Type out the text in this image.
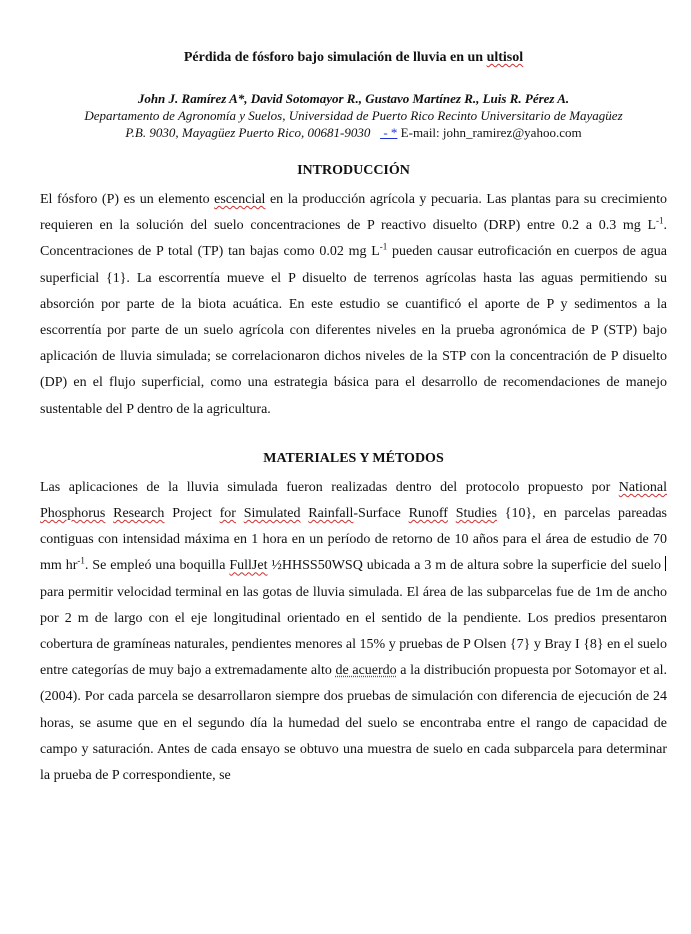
Pérdida de fósforo bajo simulación de lluvia en un ultisol
John J. Ramírez A*, David Sotomayor R., Gustavo Martínez R., Luis R. Pérez A.
Departamento de Agronomía y Suelos, Universidad de Puerto Rico Recinto Universitario de Mayagüez
P.B. 9030, Mayagüez Puerto Rico, 00681-9030    - * E-mail: john_ramirez@yahoo.com
INTRODUCCIÓN

El fósforo (P) es un elemento escencial en la producción agrícola y pecuaria. Las plantas para su crecimiento requieren en la solución del suelo concentraciones de P reactivo disuelto (DRP) entre 0.2 a 0.3 mg $L^{-1}$. Concentraciones de P total (TP) tan bajas como 0.02 mg $L^{-1}$ pueden causar eutroficación en cuerpos de agua superficial {1}. La escorrentía mueve el P disuelto de terrenos agrícolas hasta las aguas permitiendo su absorción por parte de la biota acuática. En este estudio se cuantificó el aporte de P y sedimentos a la escorrentía por parte de un suelo agrícola con diferentes niveles en la prueba agronómica de P (STP) bajo aplicación de lluvia simulada; se correlacionaron dichos niveles de la STP con la concentración de P disuelto (DP) en el flujo superficial, como una estrategia básica para el desarrollo de recomendaciones de manejo sustentable del P dentro de la agricultura.

MATERIALES Y MÉTODOS

Las aplicaciones de la lluvia simulada fueron realizadas dentro del protocolo propuesto por National Phosphorus Research Project for Simulated Rainfall-Surface Runoff Studies {10}, en parcelas pareadas contiguas con intensidad máxima en 1 hora en un período de retorno de 10 años para el área de estudio de 70 mm $hr^{-1}$. Se empleó una boquilla FullJet ½HHSS50WSQ ubicada a 3 m de altura sobre la superficie del suelo para permitir velocidad terminal en las gotas de lluvia simulada. El área de las subparcelas fue de 1m de ancho por 2 m de largo con el eje longitudinal orientado en el sentido de la pendiente. Los predios presentaron cobertura de gramíneas naturales, pendientes menores al 15% y pruebas de P Olsen {7} y Bray I {8} en el suelo entre categorías de muy bajo a extremadamente alto de acuerdo a la distribución propuesta por Sotomayor et al. (2004). Por cada parcela se desarrollaron siempre dos pruebas de simulación con diferencia de ejecución de 24 horas, se asume que en el segundo día la humedad del suelo se encontraba entre el rango de capacidad de campo y saturación. Antes de cada ensayo se obtuvo una muestra de suelo en cada subparcela para determinar la prueba de P correspondiente, se
